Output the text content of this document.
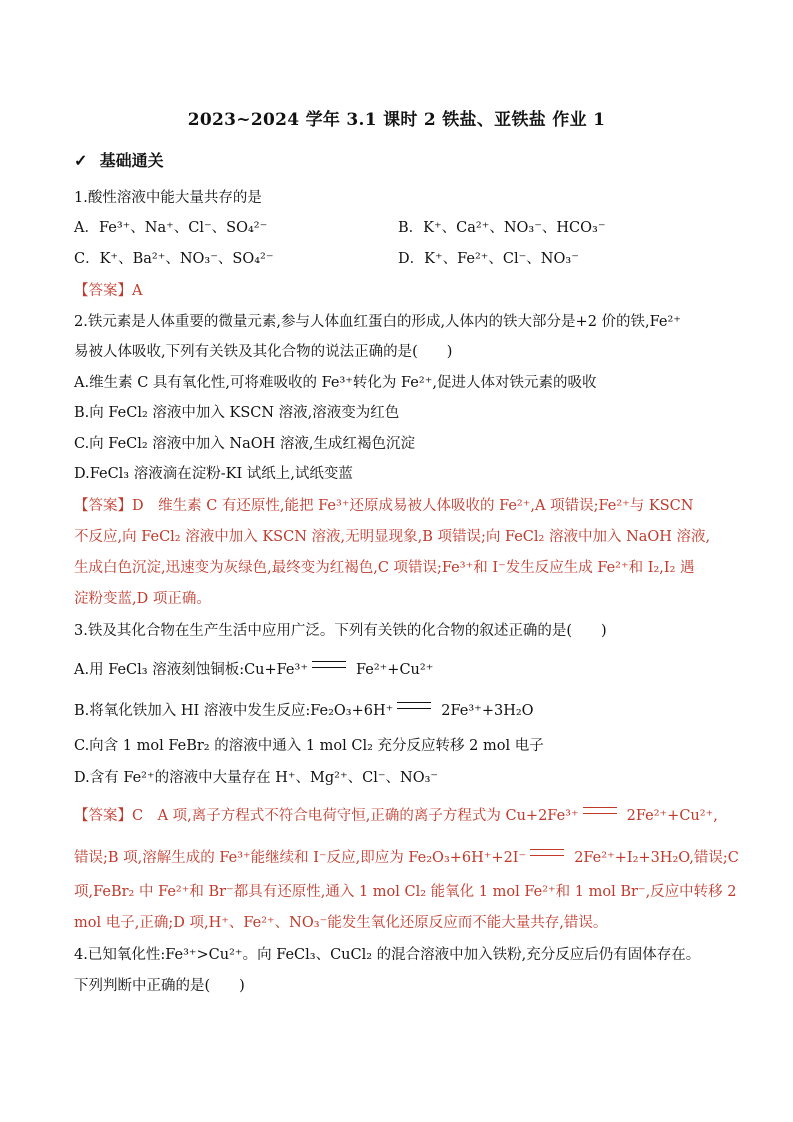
2023~2024 学年 3.1 课时 2 铁盐、亚铁盐 作业 1
✓ 基础通关
1.酸性溶液中能大量共存的是
A．Fe³⁺、Na⁺、Cl⁻、SO₄²⁻	B．K⁺、Ca²⁺、NO₃⁻、HCO₃⁻
C．K⁺、Ba²⁺、NO₃⁻、SO₄²⁻	D．K⁺、Fe²⁺、Cl⁻、NO₃⁻
【答案】A
2.铁元素是人体重要的微量元素,参与人体血红蛋白的形成,人体内的铁大部分是+2 价的铁,Fe²⁺
易被人体吸收,下列有关铁及其化合物的说法正确的是(　　)
A.维生素 C 具有氧化性,可将难吸收的 Fe³⁺转化为 Fe²⁺,促进人体对铁元素的吸收
B.向 FeCl₂ 溶液中加入 KSCN 溶液,溶液变为红色
C.向 FeCl₂ 溶液中加入 NaOH 溶液,生成红褐色沉淀
D.FeCl₃ 溶液滴在淀粉-KI 试纸上,试纸变蓝
【答案】D　维生素 C 有还原性,能把 Fe³⁺还原成易被人体吸收的 Fe²⁺,A 项错误;Fe²⁺与 KSCN
不反应,向 FeCl₂ 溶液中加入 KSCN 溶液,无明显现象,B 项错误;向 FeCl₂ 溶液中加入 NaOH 溶液,
生成白色沉淀,迅速变为灰绿色,最终变为红褐色,C 项错误;Fe³⁺和 I⁻发生反应生成 Fe²⁺和 I₂,I₂ 遇
淀粉变蓝,D 项正确。
3.铁及其化合物在生产生活中应用广泛。下列有关铁的化合物的叙述正确的是(　　)
A.用 FeCl₃ 溶液刻蚀铜板:Cu+Fe³⁺	Fe²⁺+Cu²⁺
B.将氧化铁加入 HI 溶液中发生反应:Fe₂O₃+6H⁺	2Fe³⁺+3H₂O
C.向含 1 mol FeBr₂ 的溶液中通入 1 mol Cl₂ 充分反应转移 2 mol 电子
D.含有 Fe²⁺的溶液中大量存在 H⁺、Mg²⁺、Cl⁻、NO₃⁻
【答案】C　A 项,离子方程式不符合电荷守恒,正确的离子方程式为 Cu+2Fe³⁺	2Fe²⁺+Cu²⁺,
错误;B 项,溶解生成的 Fe³⁺能继续和 I⁻反应,即应为 Fe₂O₃+6H⁺+2I⁻	2Fe²⁺+I₂+3H₂O,错误;C
项,FeBr₂ 中 Fe²⁺和 Br⁻都具有还原性,通入 1 mol Cl₂ 能氧化 1 mol Fe²⁺和 1 mol Br⁻,反应中转移 2
mol 电子,正确;D 项,H⁺、Fe²⁺、NO₃⁻能发生氧化还原反应而不能大量共存,错误。
4.已知氧化性:Fe³⁺>Cu²⁺。向 FeCl₃、CuCl₂ 的混合溶液中加入铁粉,充分反应后仍有固体存在。
下列判断中正确的是(　　)
